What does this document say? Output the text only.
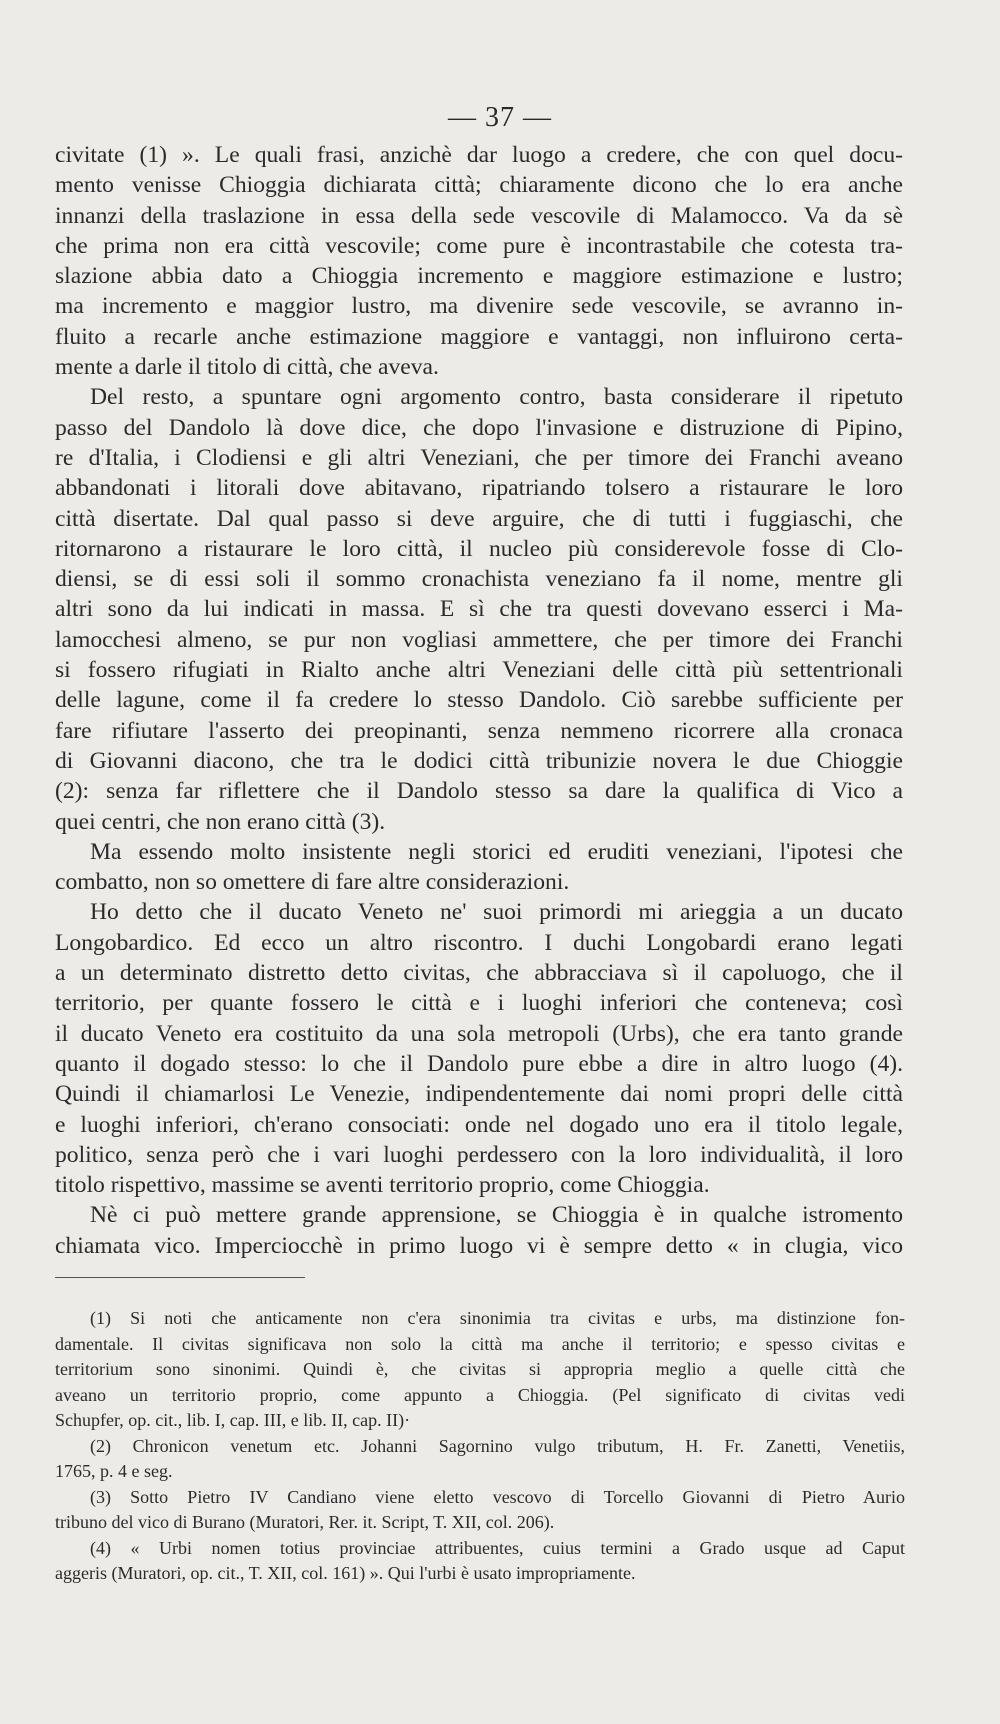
— 37 —
civitate (1) ». Le quali frasi, anzichè dar luogo a credere, che con quel docu-
mento venisse Chioggia dichiarata città; chiaramente dicono che lo era anche
innanzi della traslazione in essa della sede vescovile di Malamocco. Va da sè
che prima non era città vescovile; come pure è incontrastabile che cotesta tra-
slazione abbia dato a Chioggia incremento e maggiore estimazione e lustro;
ma incremento e maggior lustro, ma divenire sede vescovile, se avranno in-
fluito a recarle anche estimazione maggiore e vantaggi, non influirono certa-
mente a darle il titolo di città, che aveva.
Del resto, a spuntare ogni argomento contro, basta considerare il ripetuto
passo del Dandolo là dove dice, che dopo l'invasione e distruzione di Pipino,
re d'Italia, i Clodiensi e gli altri Veneziani, che per timore dei Franchi aveano
abbandonati i litorali dove abitavano, ripatriando tolsero a ristaurare le loro
città disertate. Dal qual passo si deve arguire, che di tutti i fuggiaschi, che
ritornarono a ristaurare le loro città, il nucleo più considerevole fosse di Clo-
diensi, se di essi soli il sommo cronachista veneziano fa il nome, mentre gli
altri sono da lui indicati in massa. E sì che tra questi dovevano esserci i Ma-
lamocchesi almeno, se pur non vogliasi ammettere, che per timore dei Franchi
si fossero rifugiati in Rialto anche altri Veneziani delle città più settentrionali
delle lagune, come il fa credere lo stesso Dandolo. Ciò sarebbe sufficiente per
fare rifiutare l'asserto dei preopinanti, senza nemmeno ricorrere alla cronaca
di Giovanni diacono, che tra le dodici città tribunizie novera le due Chioggie
(2): senza far riflettere che il Dandolo stesso sa dare la qualifica di Vico a
quei centri, che non erano città (3).
Ma essendo molto insistente negli storici ed eruditi veneziani, l'ipotesi che
combatto, non so omettere di fare altre considerazioni.
Ho detto che il ducato Veneto ne' suoi primordi mi arieggia a un ducato
Longobardico. Ed ecco un altro riscontro. I duchi Longobardi erano legati
a un determinato distretto detto civitas, che abbracciava sì il capoluogo, che il
territorio, per quante fossero le città e i luoghi inferiori che conteneva; così
il ducato Veneto era costituito da una sola metropoli (Urbs), che era tanto grande
quanto il dogado stesso: lo che il Dandolo pure ebbe a dire in altro luogo (4).
Quindi il chiamarlosi Le Venezie, indipendentemente dai nomi propri delle città
e luoghi inferiori, ch'erano consociati: onde nel dogado uno era il titolo legale,
politico, senza però che i vari luoghi perdessero con la loro individualità, il loro
titolo rispettivo, massime se aventi territorio proprio, come Chioggia.
Nè ci può mettere grande apprensione, se Chioggia è in qualche istromento
chiamata vico. Imperciocchè in primo luogo vi è sempre detto « in clugia, vico
(1) Si noti che anticamente non c'era sinonimia tra civitas e urbs, ma distinzione fon-
damentale. Il civitas significava non solo la città ma anche il territorio; e spesso civitas e
territorium sono sinonimi. Quindi è, che civitas si appropria meglio a quelle città che
aveano un territorio proprio, come appunto a Chioggia. (Pel significato di civitas vedi
Schupfer, op. cit., lib. I, cap. III, e lib. II, cap. II)·
(2) Chronicon venetum etc. Johanni Sagornino vulgo tributum, H. Fr. Zanetti, Venetiis,
1765, p. 4 e seg.
(3) Sotto Pietro IV Candiano viene eletto vescovo di Torcello Giovanni di Pietro Aurio
tribuno del vico di Burano (Muratori, Rer. it. Script, T. XII, col. 206).
(4) « Urbi nomen totius provinciae attribuentes, cuius termini a Grado usque ad Caput
aggeris (Muratori, op. cit., T. XII, col. 161) ». Qui l'urbi è usato impropriamente.
